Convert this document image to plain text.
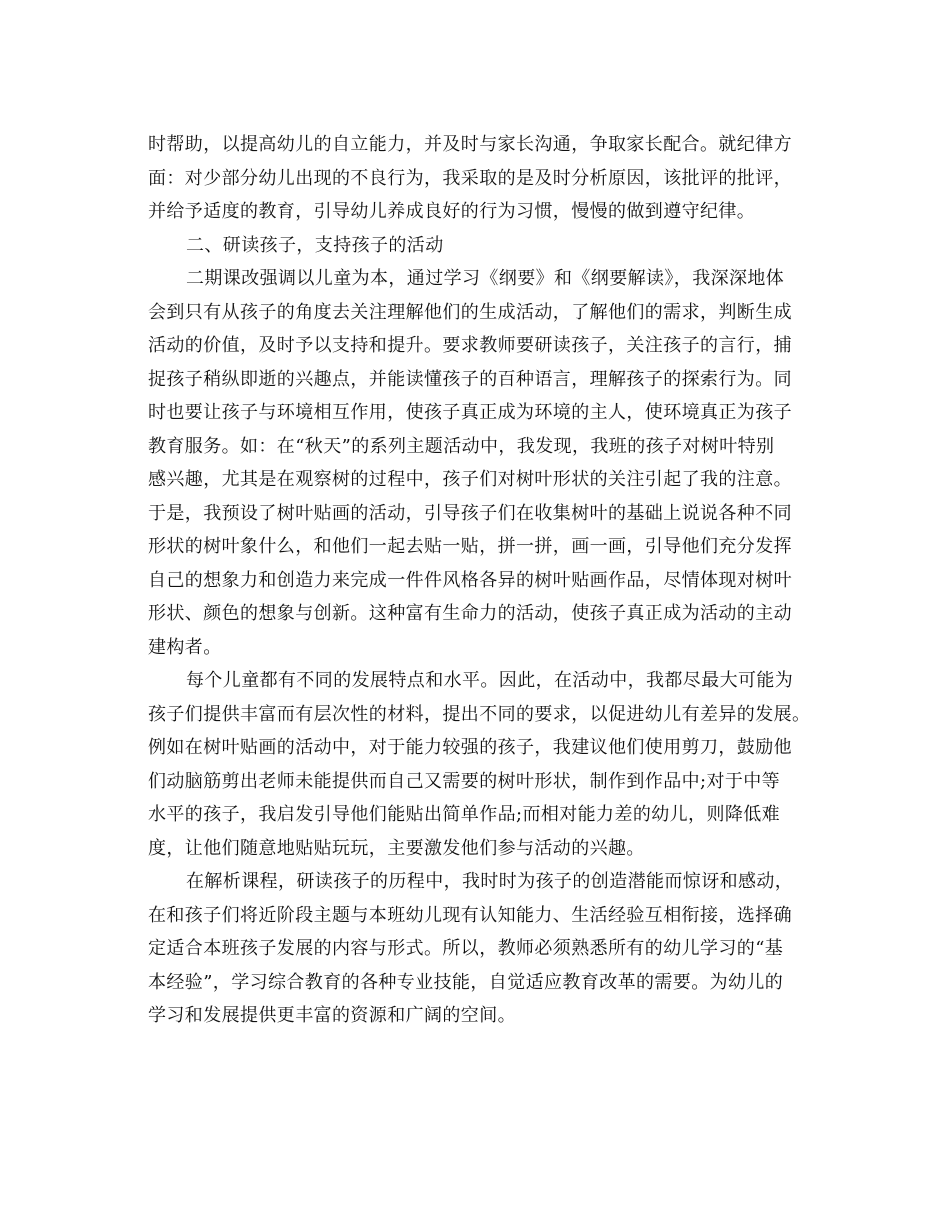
时帮助，以提高幼儿的自立能力，并及时与家长沟通，争取家长配合。就纪律方
面：对少部分幼儿出现的不良行为，我采取的是及时分析原因，该批评的批评，
并给予适度的教育，引导幼儿养成良好的行为习惯，慢慢的做到遵守纪律。
二、研读孩子，支持孩子的活动
二期课改强调以儿童为本，通过学习《纲要》和《纲要解读》，我深深地体
会到只有从孩子的角度去关注理解他们的生成活动，了解他们的需求，判断生成
活动的价值，及时予以支持和提升。要求教师要研读孩子，关注孩子的言行，捕
捉孩子稍纵即逝的兴趣点，并能读懂孩子的百种语言，理解孩子的探索行为。同
时也要让孩子与环境相互作用，使孩子真正成为环境的主人，使环境真正为孩子
教育服务。如：在“秋天”的系列主题活动中，我发现，我班的孩子对树叶特别
感兴趣，尤其是在观察树的过程中，孩子们对树叶形状的关注引起了我的注意。
于是，我预设了树叶贴画的活动，引导孩子们在收集树叶的基础上说说各种不同
形状的树叶象什么，和他们一起去贴一贴，拼一拼，画一画，引导他们充分发挥
自己的想象力和创造力来完成一件件风格各异的树叶贴画作品，尽情体现对树叶
形状、颜色的想象与创新。这种富有生命力的活动，使孩子真正成为活动的主动
建构者。
每个儿童都有不同的发展特点和水平。因此，在活动中，我都尽最大可能为
孩子们提供丰富而有层次性的材料，提出不同的要求，以促进幼儿有差异的发展。
例如在树叶贴画的活动中，对于能力较强的孩子，我建议他们使用剪刀，鼓励他
们动脑筋剪出老师未能提供而自己又需要的树叶形状，制作到作品中;对于中等
水平的孩子，我启发引导他们能贴出简单作品;而相对能力差的幼儿，则降低难
度，让他们随意地贴贴玩玩，主要激发他们参与活动的兴趣。
在解析课程，研读孩子的历程中，我时时为孩子的创造潜能而惊讶和感动，
在和孩子们将近阶段主题与本班幼儿现有认知能力、生活经验互相衔接，选择确
定适合本班孩子发展的内容与形式。所以，教师必须熟悉所有的幼儿学习的“基
本经验”，学习综合教育的各种专业技能，自觉适应教育改革的需要。为幼儿的
学习和发展提供更丰富的资源和广阔的空间。
